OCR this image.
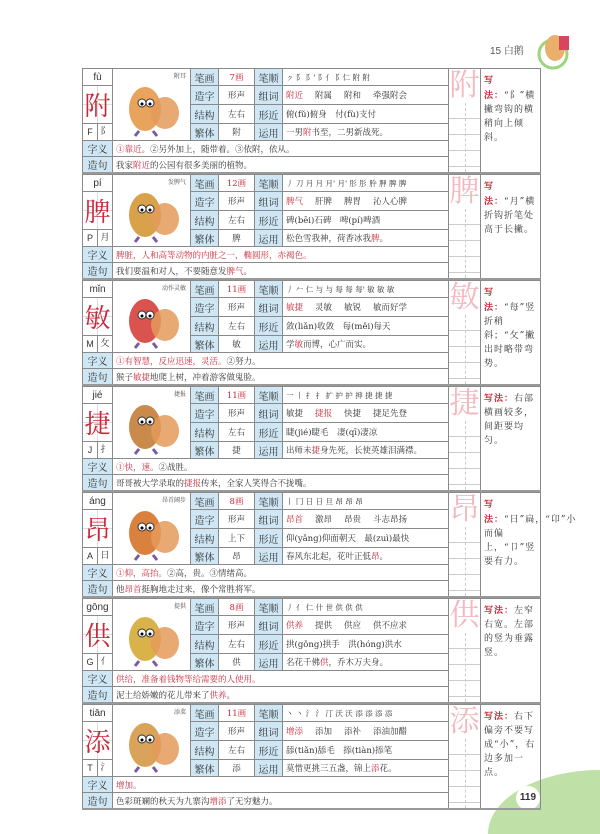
15 白鹅
119
fù	附耳	笔画	7画	笔顺	ㇰ 阝 阝' 阝亻 阝仁 附 附	附	写法：“阝”横撇弯钩的横稍向上倾斜。
附		造字	形声	组词	附近 附属 附和 牵强附会		
		结构	左右	形近	俯(fǔ)俯身　付(fù)支付		

F 阝		繁体	附	运用	一男附书至，二男新战死。		
字义	①靠近。②另外加上，随带着。③依附，依从。						
造句	我家附近的公园有很多美丽的植物。						
pí	发脾气	笔画	12画	笔顺	丿 刀 月 月 月' 月' 肜 肜 肸 胛 脾 脾	脾	写法：“月”横折钩折笔处高于长撇。
脾		造字	形声	组词	脾气 肝脾 脾胃 沁人心脾		
		结构	左右	形近	碑(bēi)石碑　啤(pí)啤酒		

P 月		繁体	脾	运用	松色雪我神，荷香冰我脾。		
字义	脾脏，人和高等动物的内脏之一，椭圆形，赤褐色。						
造句	我们要温和对人，不要随意发脾气。						
mǐn	动作灵敏	笔画	11画	笔顺	丿 𠂉 仁 与 与 每 每 每' 敏 敏 敏	敏	写法：“每”竖折稍斜；“攵”撇出时略带弯势。
敏		造字	形声	组词	敏捷 灵敏 敏锐 敏而好学		
		结构	左右	形近	敛(liǎn)收敛　每(měi)每天		

M 攵		繁体	敏	运用	学敏而博，心广而实。		
字义	①有智慧，反应迅速，灵活。②努力。						
造句	猴子敏捷地爬上树，冲着游客做鬼脸。						
jié	捷报	笔画	11画	笔顺	一 丨 扌 扌 扩 护 护 抻 捷 捷 捷	捷	写法：右部横画较多，间距要均匀。
捷		造字	形声	组词	敏捷 捷报 快捷 捷足先登		
		结构	左右	形近	睫(jié)睫毛　凄(qī)凄凉		

J 扌		繁体	捷	运用	出师未捷身先死，长使英雄泪满襟。		
字义	①快，速。②战胜。						
造句	哥哥被大学录取的捷报传来，全家人笑得合不拢嘴。						
áng	昂首阔步	笔画	8画	笔顺	丨 冂 日 日 旦 昂 昂 昂	昂	写法：“日”扁，“卬”小而偏上，“卩”竖要有力。
昂		造字	形声	组词	昂首 激昂 昂贵 斗志昂扬		
		结构	上下	形近	仰(yǎng)仰面朝天　最(zuì)最快		

A 日		繁体	昂	运用	春风东北起，花叶正低昂。		
字义	①仰，高抬。②高，贵。③情绪高。						
造句	他昂首挺胸地走过来，像个常胜将军。						
gōng	提供	笔画	8画	笔顺	丿 亻 仁 什 世 供 供 供	供	写法：左窄右宽。左部的竖为垂露竖。
供		造字	形声	组词	供养 提供 供应 供不应求		
		结构	左右	形近	拱(gǒng)拱手　洪(hóng)洪水		

G 亻		繁体	供	运用	名花千佛供，乔木万夫身。		
字义	供给，准备着钱物等给需要的人使用。						
造句	泥土给娇嫩的花儿带来了供养。						
tiān	添菜	笔画	11画	笔顺	丶 丶 氵 氵 汀 沃 沃 添 添 添 添	添	写法：右下偏旁不要写成“小”，右边多加一点。
添		造字	形声	组词	增添 添加 添补 添油加醋		
		结构	左右	形近	舔(tiǎn)舔毛　掭(tiàn)掭笔		

T 氵		繁体	添	运用	莫惜更挑三五盏，锦上添花。		
字义	增加。						
造句	色彩斑斓的秋天为九寨沟增添了无穷魅力。						
